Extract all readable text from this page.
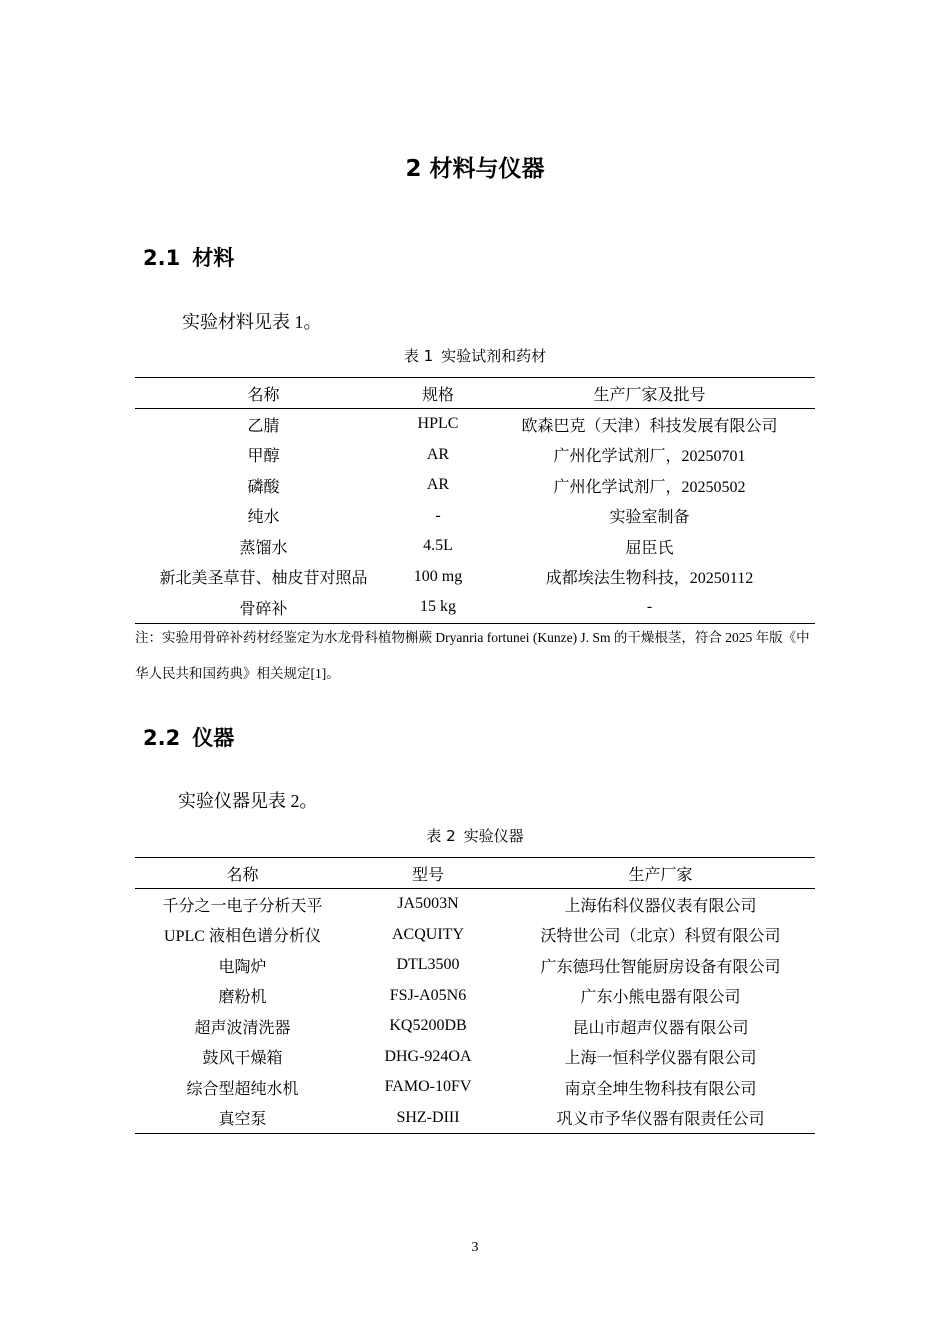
2 材料与仪器
2.1 材料
实验材料见表 1。
表 1 实验试剂和药材
名称	规格	生产厂家及批号
乙腈	HPLC	欧森巴克（天津）科技发展有限公司
甲醇	AR	广州化学试剂厂，20250701
磷酸	AR	广州化学试剂厂，20250502
纯水	-	实验室制备
蒸馏水	4.5L	屈臣氏
新北美圣草苷、柚皮苷对照品	100 mg	成都埃法生物科技，20250112
骨碎补	15 kg	-
注：实验用骨碎补药材经鉴定为水龙骨科植物槲蕨 Dryanria fortunei (Kunze) J. Sm 的干燥根茎，符合 2025 年版《中华人民共和国药典》相关规定[1]。
2.2 仪器
实验仪器见表 2。
表 2 实验仪器
名称	型号	生产厂家
千分之一电子分析天平	JA5003N	上海佑科仪器仪表有限公司
UPLC 液相色谱分析仪	ACQUITY	沃特世公司（北京）科贸有限公司
电陶炉	DTL3500	广东德玛仕智能厨房设备有限公司
磨粉机	FSJ-A05N6	广东小熊电器有限公司
超声波清洗器	KQ5200DB	昆山市超声仪器有限公司
鼓风干燥箱	DHG-924OA	上海一恒科学仪器有限公司
综合型超纯水机	FAMO-10FV	南京全坤生物科技有限公司
真空泵	SHZ-DIII	巩义市予华仪器有限责任公司
3
